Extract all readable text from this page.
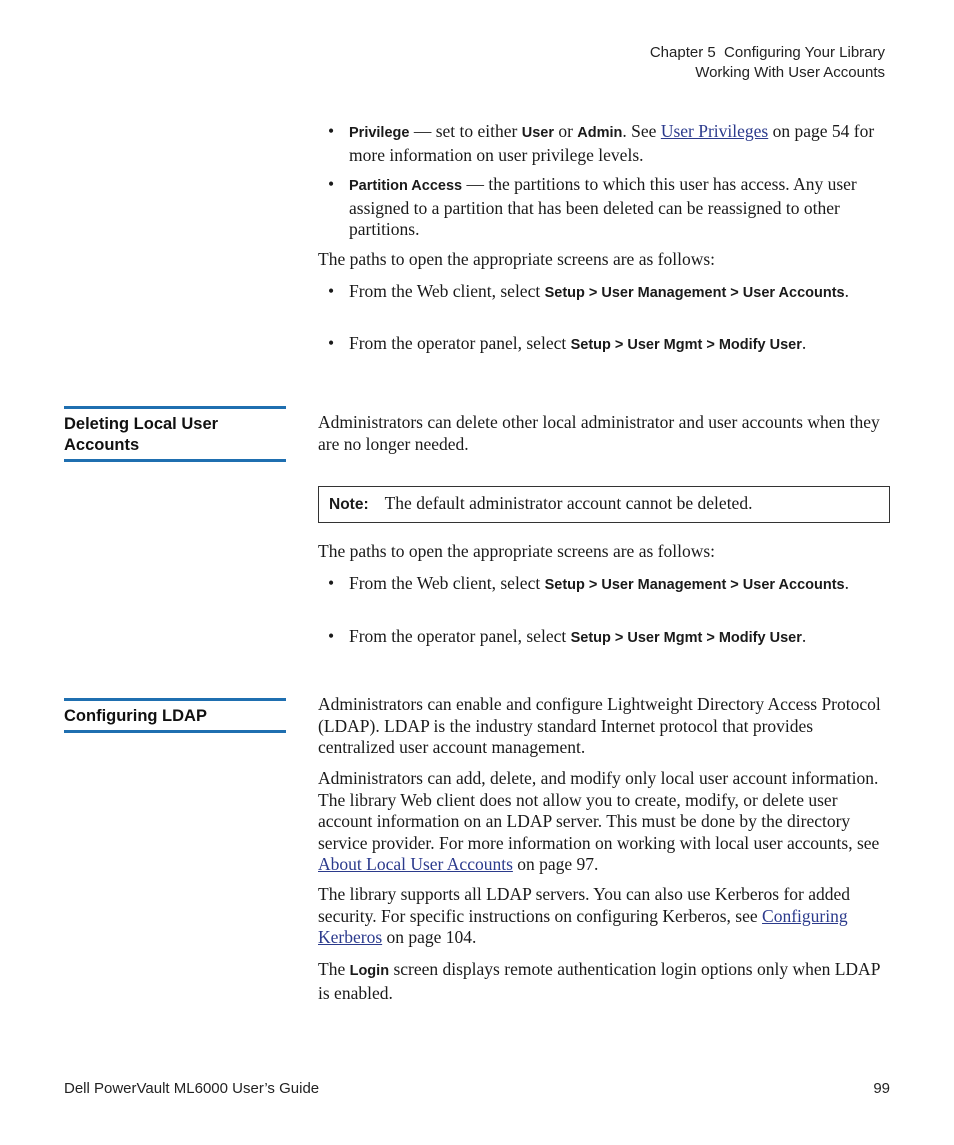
Chapter 5  Configuring Your Library
Working With User Accounts
• Privilege — set to either User or Admin. See User Privileges on page 54 for more information on user privilege levels.
• Partition Access — the partitions to which this user has access. Any user assigned to a partition that has been deleted can be reassigned to other partitions.
The paths to open the appropriate screens are as follows:
• From the Web client, select Setup > User Management > User Accounts.
• From the operator panel, select Setup > User Mgmt > Modify User.
Deleting Local User Accounts
Administrators can delete other local administrator and user accounts when they are no longer needed.
Note: The default administrator account cannot be deleted.
The paths to open the appropriate screens are as follows:
• From the Web client, select Setup > User Management > User Accounts.
• From the operator panel, select Setup > User Mgmt > Modify User.
Configuring LDAP
Administrators can enable and configure Lightweight Directory Access Protocol (LDAP). LDAP is the industry standard Internet protocol that provides centralized user account management.
Administrators can add, delete, and modify only local user account information. The library Web client does not allow you to create, modify, or delete user account information on an LDAP server. This must be done by the directory service provider. For more information on working with local user accounts, see About Local User Accounts on page 97.
The library supports all LDAP servers. You can also use Kerberos for added security. For specific instructions on configuring Kerberos, see Configuring Kerberos on page 104.
The Login screen displays remote authentication login options only when LDAP is enabled.
Dell PowerVault ML6000 User’s Guide	99
